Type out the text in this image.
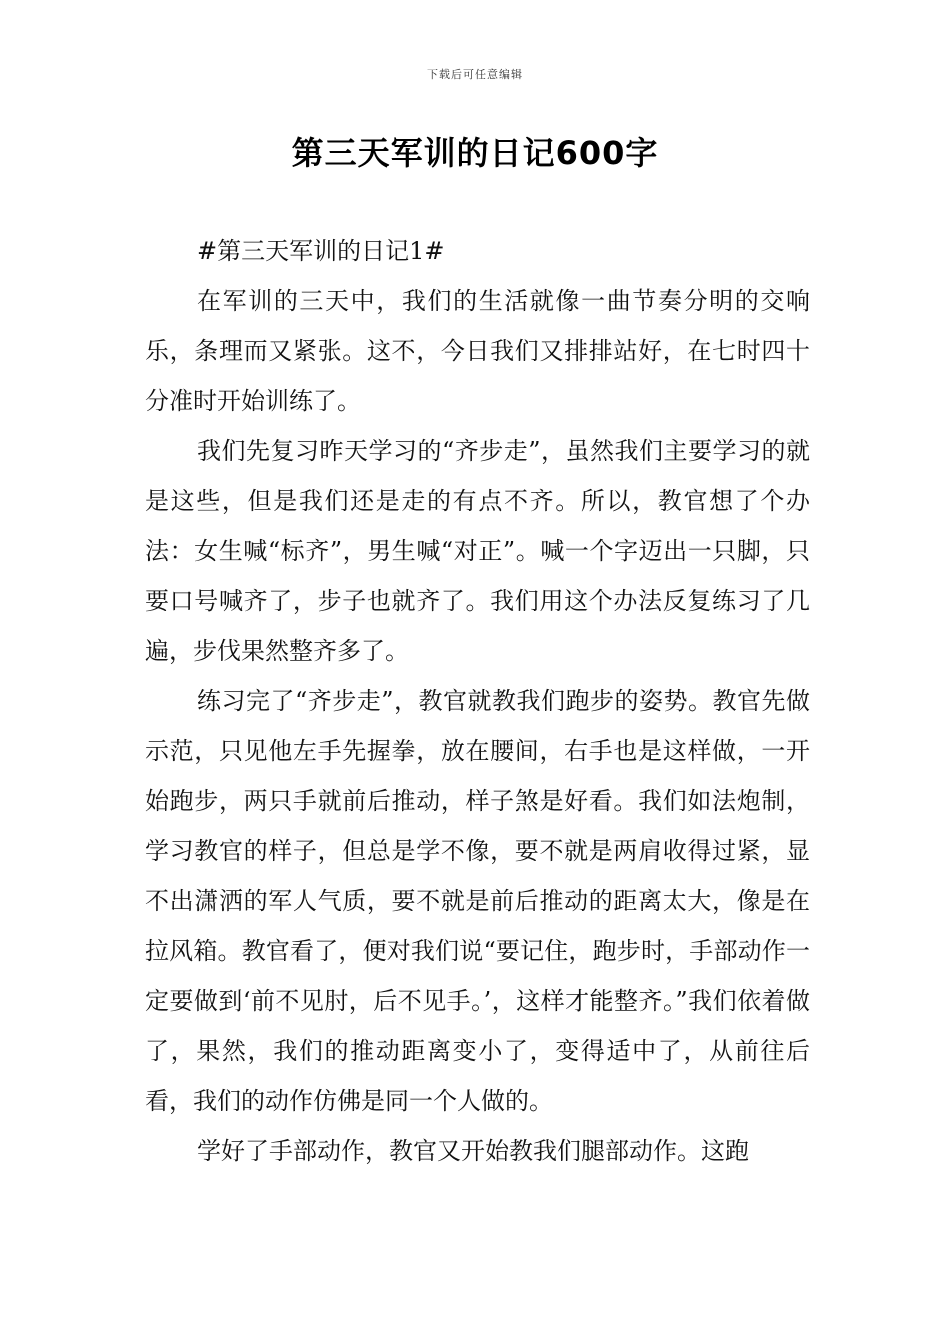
下载后可任意编辑
第三天军训的日记600字

#第三天军训的日记1#

在军训的三天中，我们的生活就像一曲节奏分明的交响乐，条理而又紧张。这不，今日我们又排排站好，在七时四十分准时开始训练了。

我们先复习昨天学习的“齐步走”，虽然我们主要学习的就是这些，但是我们还是走的有点不齐。所以，教官想了个办法：女生喊“标齐”，男生喊“对正”。喊一个字迈出一只脚，只要口号喊齐了，步子也就齐了。我们用这个办法反复练习了几遍，步伐果然整齐多了。

练习完了“齐步走”，教官就教我们跑步的姿势。教官先做示范，只见他左手先握拳，放在腰间，右手也是这样做，一开始跑步，两只手就前后推动，样子煞是好看。我们如法炮制，学习教官的样子，但总是学不像，要不就是两肩收得过紧，显不出潇洒的军人气质，要不就是前后推动的距离太大，像是在拉风箱。教官看了，便对我们说“要记住，跑步时，手部动作一定要做到‘前不见肘，后不见手。’，这样才能整齐。”我们依着做了，果然，我们的推动距离变小了，变得适中了，从前往后看，我们的动作仿佛是同一个人做的。

学好了手部动作，教官又开始教我们腿部动作。这跑
